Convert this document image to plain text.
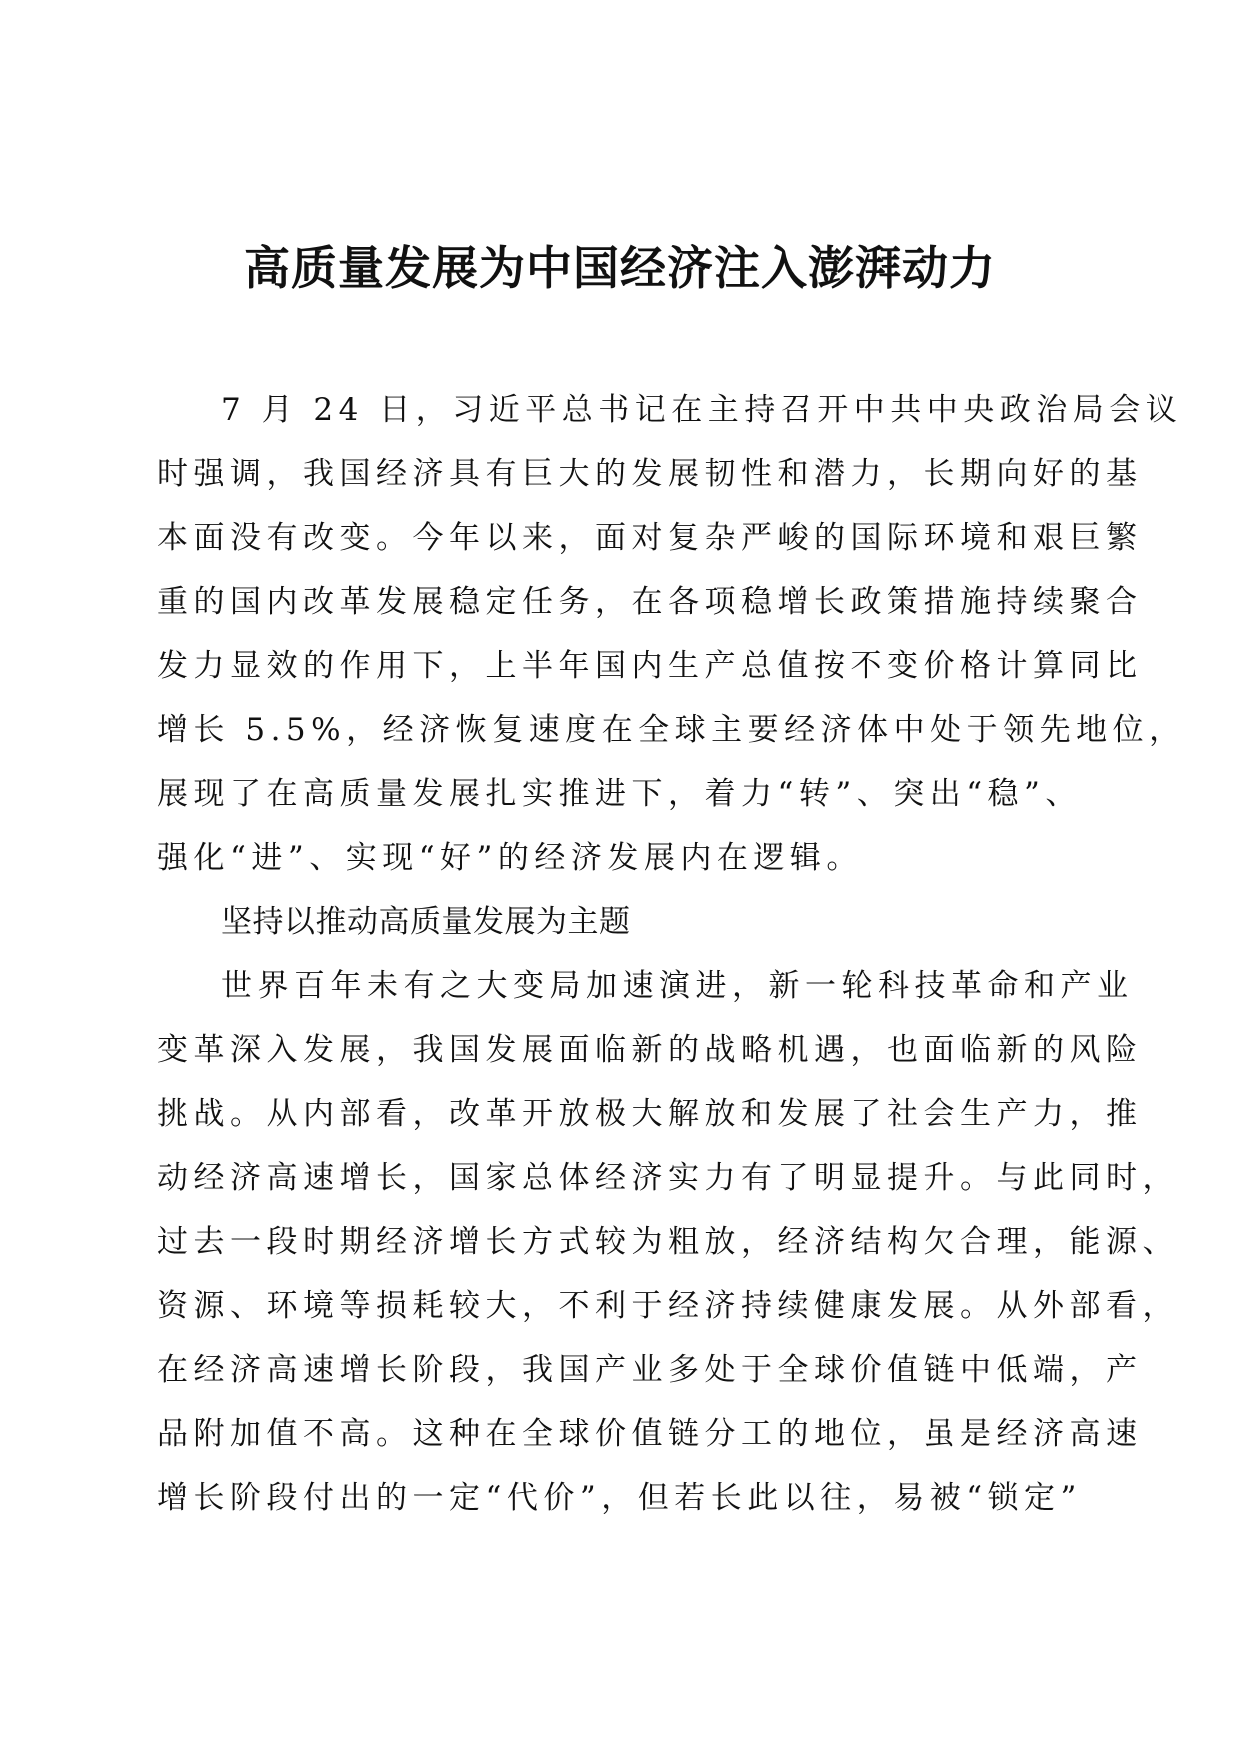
高质量发展为中国经济注入澎湃动力
7 月 24 日，习近平总书记在主持召开中共中央政治局会议
时强调，我国经济具有巨大的发展韧性和潜力，长期向好的基
本面没有改变。今年以来，面对复杂严峻的国际环境和艰巨繁
重的国内改革发展稳定任务，在各项稳增长政策措施持续聚合
发力显效的作用下，上半年国内生产总值按不变价格计算同比
增长 5.5%，经济恢复速度在全球主要经济体中处于领先地位，
展现了在高质量发展扎实推进下，着力“转”、突出“稳”、
强化“进”、实现“好”的经济发展内在逻辑。
坚持以推动高质量发展为主题
世界百年未有之大变局加速演进，新一轮科技革命和产业
变革深入发展，我国发展面临新的战略机遇，也面临新的风险
挑战。从内部看，改革开放极大解放和发展了社会生产力，推
动经济高速增长，国家总体经济实力有了明显提升。与此同时，
过去一段时期经济增长方式较为粗放，经济结构欠合理，能源、
资源、环境等损耗较大，不利于经济持续健康发展。从外部看，
在经济高速增长阶段，我国产业多处于全球价值链中低端，产
品附加值不高。这种在全球价值链分工的地位，虽是经济高速
增长阶段付出的一定“代价”，但若长此以往，易被“锁定”
